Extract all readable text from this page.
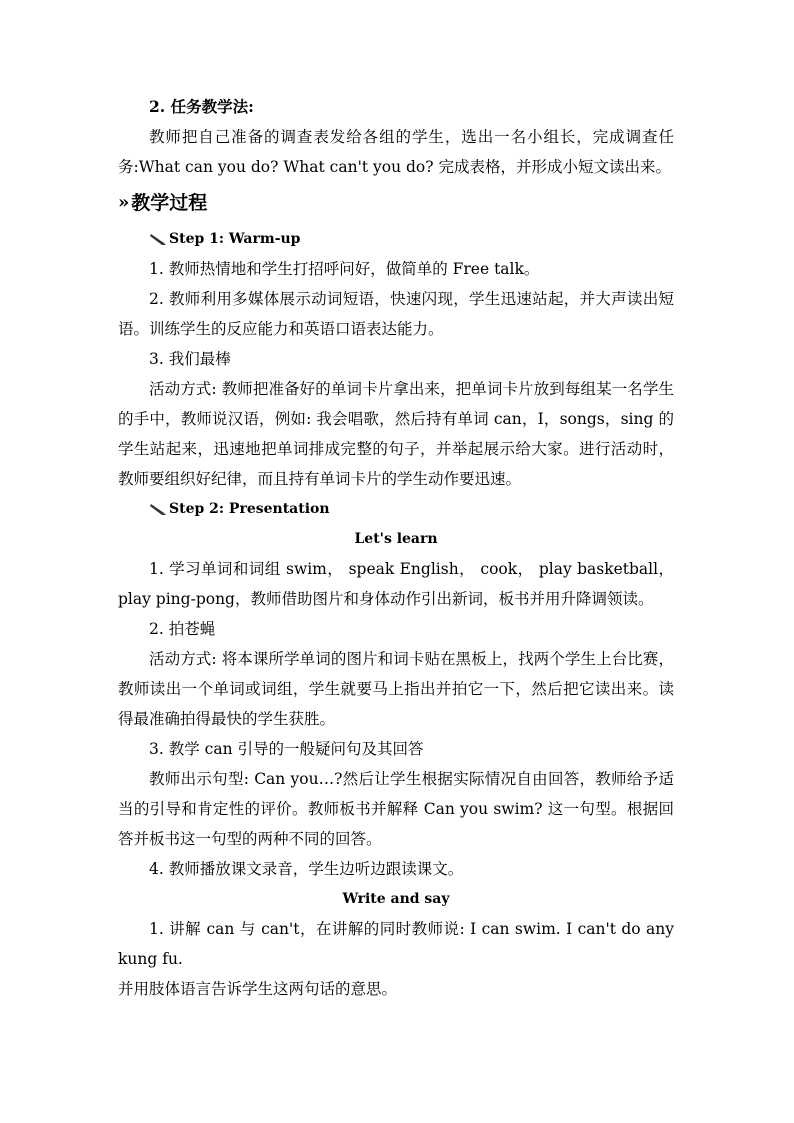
2. 任务教学法:

教师把自己准备的调查表发给各组的学生，选出一名小组长，完成调查任务:What can you do? What can't you do? 完成表格，并形成小短文读出来。

» 教学过程
Step 1: Warm-up

1. 教师热情地和学生打招呼问好，做简单的 Free talk。

2. 教师利用多媒体展示动词短语，快速闪现，学生迅速站起，并大声读出短语。训练学生的反应能力和英语口语表达能力。

3. 我们最棒

活动方式: 教师把准备好的单词卡片拿出来，把单词卡片放到每组某一名学生的手中，教师说汉语，例如: 我会唱歌，然后持有单词 can，I，songs，sing 的学生站起来，迅速地把单词排成完整的句子，并举起展示给大家。进行活动时，教师要组织好纪律，而且持有单词卡片的学生动作要迅速。

Step 2: Presentation

Let's learn

1. 学习单词和词组 swim， speak English， cook， play basketball， play ping-pong，教师借助图片和身体动作引出新词，板书并用升降调领读。

2. 拍苍蝇

活动方式: 将本课所学单词的图片和词卡贴在黑板上，找两个学生上台比赛，教师读出一个单词或词组，学生就要马上指出并拍它一下，然后把它读出来。读得最准确拍得最快的学生获胜。

3. 教学 can 引导的一般疑问句及其回答

教师出示句型: Can you…?然后让学生根据实际情况自由回答，教师给予适当的引导和肯定性的评价。教师板书并解释 Can you swim? 这一句型。根据回答并板书这一句型的两种不同的回答。

4. 教师播放课文录音，学生边听边跟读课文。

Write and say

1. 讲解 can 与 can't，在讲解的同时教师说: I can swim. I can't do any kung fu.

并用肢体语言告诉学生这两句话的意思。
